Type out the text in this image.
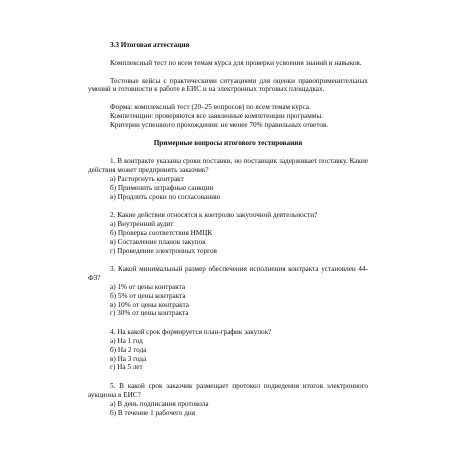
3.3 Итоговая аттестация

Комплексный тест по всем темам курса для проверки усвоения знаний и навыков.

Тестовые кейсы с практическими ситуациями для оценки правоприменительных умений и готовности к работе в ЕИС и на электронных торговых площадках.

Форма: комплексный тест (20–25 вопросов) по всем темам курса.

Компетенции: проверяются все заявленные компетенции программы.

Критерии успешного прохождения: не менее 70% правильных ответов.

Примерные вопросы итогового тестирования

1. В контракте указаны сроки поставки, но поставщик задерживает поставку. Какие действия может предпринять заказчик?

а) Расторгнуть контракт

б) Применить штрафные санкции

в) Продлить сроки по согласованию

2. Какие действия относятся к контролю закупочной деятельности?

а) Внутренний аудит

б) Проверка соответствия НМЦК

в) Составление планов закупок

г) Проведение электронных торгов

3. Какой минимальный размер обеспечения исполнения контракта установлен 44-ФЗ?

а) 1% от цены контракта

б) 5% от цены контракта

в) 10% от цены контракта

г) 30% от цены контракта

4. На какой срок формируется план-график закупок?

а) На 1 год

б) На 2 года

в) На 3 года

г) На 5 лет

5. В какой срок заказчик размещает протокол подведения итогов электронного аукциона в ЕИС?

а) В день подписания протокола

б) В течение 1 рабочего дня
